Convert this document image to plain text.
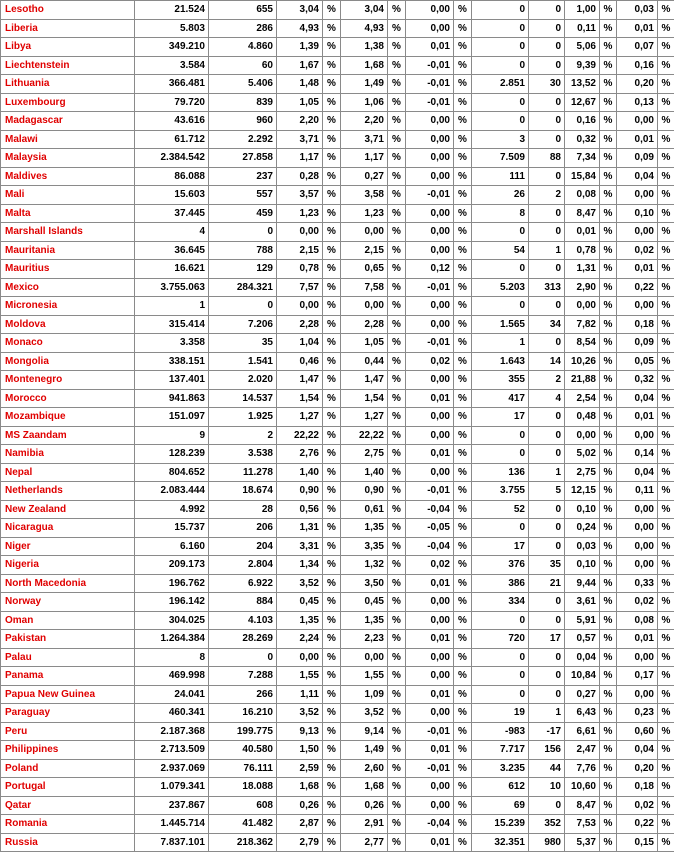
Lesotho	21.524	655	3,04	%	3,04	%	0,00	%	0	0	1,00	%	0,03	%
Liberia	5.803	286	4,93	%	4,93	%	0,00	%	0	0	0,11	%	0,01	%
Libya	349.210	4.860	1,39	%	1,38	%	0,01	%	0	0	5,06	%	0,07	%
Liechtenstein	3.584	60	1,67	%	1,68	%	-0,01	%	0	0	9,39	%	0,16	%
Lithuania	366.481	5.406	1,48	%	1,49	%	-0,01	%	2.851	30	13,52	%	0,20	%
Luxembourg	79.720	839	1,05	%	1,06	%	-0,01	%	0	0	12,67	%	0,13	%
Madagascar	43.616	960	2,20	%	2,20	%	0,00	%	0	0	0,16	%	0,00	%
Malawi	61.712	2.292	3,71	%	3,71	%	0,00	%	3	0	0,32	%	0,01	%
Malaysia	2.384.542	27.858	1,17	%	1,17	%	0,00	%	7.509	88	7,34	%	0,09	%
Maldives	86.088	237	0,28	%	0,27	%	0,00	%	111	0	15,84	%	0,04	%
Mali	15.603	557	3,57	%	3,58	%	-0,01	%	26	2	0,08	%	0,00	%
Malta	37.445	459	1,23	%	1,23	%	0,00	%	8	0	8,47	%	0,10	%
Marshall Islands	4	0	0,00	%	0,00	%	0,00	%	0	0	0,01	%	0,00	%
Mauritania	36.645	788	2,15	%	2,15	%	0,00	%	54	1	0,78	%	0,02	%
Mauritius	16.621	129	0,78	%	0,65	%	0,12	%	0	0	1,31	%	0,01	%
Mexico	3.755.063	284.321	7,57	%	7,58	%	-0,01	%	5.203	313	2,90	%	0,22	%
Micronesia	1	0	0,00	%	0,00	%	0,00	%	0	0	0,00	%	0,00	%
Moldova	315.414	7.206	2,28	%	2,28	%	0,00	%	1.565	34	7,82	%	0,18	%
Monaco	3.358	35	1,04	%	1,05	%	-0,01	%	1	0	8,54	%	0,09	%
Mongolia	338.151	1.541	0,46	%	0,44	%	0,02	%	1.643	14	10,26	%	0,05	%
Montenegro	137.401	2.020	1,47	%	1,47	%	0,00	%	355	2	21,88	%	0,32	%
Morocco	941.863	14.537	1,54	%	1,54	%	0,01	%	417	4	2,54	%	0,04	%
Mozambique	151.097	1.925	1,27	%	1,27	%	0,00	%	17	0	0,48	%	0,01	%
MS Zaandam	9	2	22,22	%	22,22	%	0,00	%	0	0	0,00	%	0,00	%
Namibia	128.239	3.538	2,76	%	2,75	%	0,01	%	0	0	5,02	%	0,14	%
Nepal	804.652	11.278	1,40	%	1,40	%	0,00	%	136	1	2,75	%	0,04	%
Netherlands	2.083.444	18.674	0,90	%	0,90	%	-0,01	%	3.755	5	12,15	%	0,11	%
New Zealand	4.992	28	0,56	%	0,61	%	-0,04	%	52	0	0,10	%	0,00	%
Nicaragua	15.737	206	1,31	%	1,35	%	-0,05	%	0	0	0,24	%	0,00	%
Niger	6.160	204	3,31	%	3,35	%	-0,04	%	17	0	0,03	%	0,00	%
Nigeria	209.173	2.804	1,34	%	1,32	%	0,02	%	376	35	0,10	%	0,00	%
North Macedonia	196.762	6.922	3,52	%	3,50	%	0,01	%	386	21	9,44	%	0,33	%
Norway	196.142	884	0,45	%	0,45	%	0,00	%	334	0	3,61	%	0,02	%
Oman	304.025	4.103	1,35	%	1,35	%	0,00	%	0	0	5,91	%	0,08	%
Pakistan	1.264.384	28.269	2,24	%	2,23	%	0,01	%	720	17	0,57	%	0,01	%
Palau	8	0	0,00	%	0,00	%	0,00	%	0	0	0,04	%	0,00	%
Panama	469.998	7.288	1,55	%	1,55	%	0,00	%	0	0	10,84	%	0,17	%
Papua New Guinea	24.041	266	1,11	%	1,09	%	0,01	%	0	0	0,27	%	0,00	%
Paraguay	460.341	16.210	3,52	%	3,52	%	0,00	%	19	1	6,43	%	0,23	%
Peru	2.187.368	199.775	9,13	%	9,14	%	-0,01	%	-983	-17	6,61	%	0,60	%
Philippines	2.713.509	40.580	1,50	%	1,49	%	0,01	%	7.717	156	2,47	%	0,04	%
Poland	2.937.069	76.111	2,59	%	2,60	%	-0,01	%	3.235	44	7,76	%	0,20	%
Portugal	1.079.341	18.088	1,68	%	1,68	%	0,00	%	612	10	10,60	%	0,18	%
Qatar	237.867	608	0,26	%	0,26	%	0,00	%	69	0	8,47	%	0,02	%
Romania	1.445.714	41.482	2,87	%	2,91	%	-0,04	%	15.239	352	7,53	%	0,22	%
Russia	7.837.101	218.362	2,79	%	2,77	%	0,01	%	32.351	980	5,37	%	0,15	%
